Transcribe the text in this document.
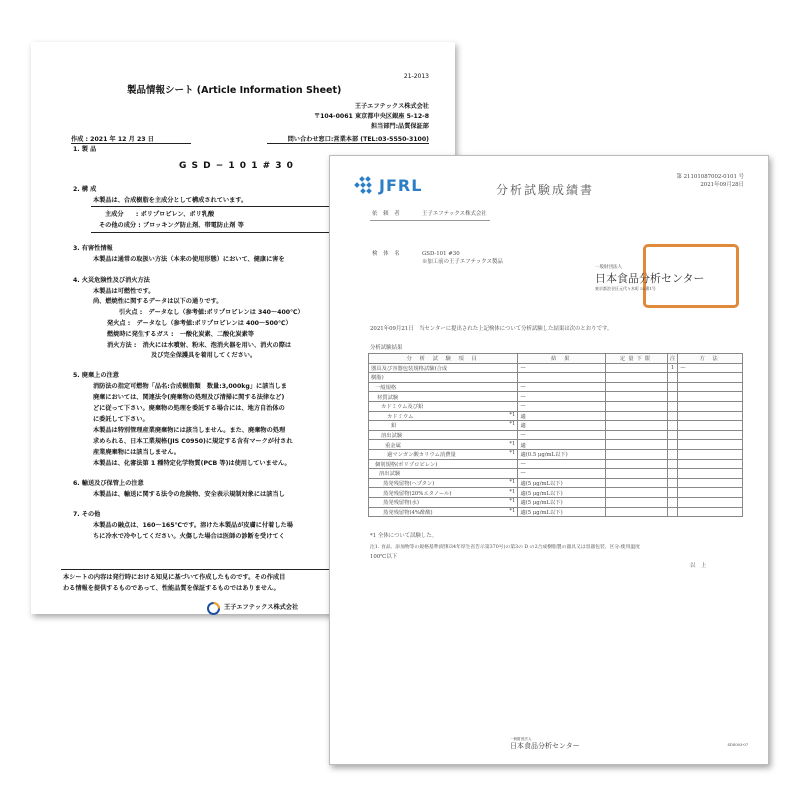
21-2013
製品情報シート (Article Information Sheet)
王子エフテックス株式会社
〒104-0061 東京都中央区銀座 5-12-8
担当部門:品質保証部
作成 : 2021 年 12 月 23 日	問い合わせ窓口:営業本部 (TEL:03-5550-3100)
1. 製 品
G S D − 1 0 1 # 3 0
2. 構 成
本製品は、合成樹脂を主成分として構成されています。
主成分　　: ポリプロピレン、ポリ乳酸
その他の成分 : ブロッキング防止剤、帯電防止剤 等
3. 有害性情報
本製品は通常の取扱い方法（本来の使用形態）において、健康に害を
4. 火災危険性及び消火方法
本製品は可燃性です。
尚、燃焼性に関するデータは以下の通りです。
引火点 :　データなし（参考値:ポリプロピレンは 340〜400℃）
発火点 :　データなし（参考値:ポリプロピレンは 400〜500℃）
燃焼時に発生するガス :　一酸化炭素、二酸化炭素等
消火方法 :　消火には水噴射、粉末、泡消火器を用い、消火の際は
及び完全保護具を着用してください。
5. 廃棄上の注意
消防法の指定可燃物「品名:合成樹脂類　数量:3,000kg」に該当しま
廃棄においては、関連法令(廃棄物の処理及び清掃に関する法律など)
どに従って下さい。廃棄物の処理を委託する場合には、地方自治体の
に委託して下さい。
本製品は特別管理産業廃棄物には該当しません。また、廃棄物の処理
求められる、日本工業規格(JIS C0950)に規定する含有マークが付され
産業廃棄物には該当しません。
本製品は、化審法第 1 種特定化学物質(PCB 等)は使用していません。
6. 輸送及び保管上の注意
本製品は、輸送に関する法令の危険物、安全表示規制対象には該当し
7. その他
本製品の融点は、160〜165℃です。溶けた本製品が皮膚に付着した場
ちに冷水で冷やしてください。火傷した場合は医師の診断を受けてく
本シートの内容は発行時における知見に基づいて作成したものです。その作成目
わる情報を提供するものであって、性能品質を保証するものではありません。
王子エフテックス株式会社
JFRL	分析試験成績書
第 21101087002-0101 号
2021年09月28日
依 頼 者	王子エフテックス株式会社
検 体 名	GSD-101 #30
※加工前の王子エフテックス製品
一般財団法人
日本食品分析センター
東京都渋谷区元代々木町 52番1号
2021年09月21日　当センターに提出された上記検体について分析試験した結果は次のとおりです。
分析試験結果
分 析 試 験 項 目	結 果	定量下限	注	方 法
器具及び容器包装規格試験(合成	—		1	—
樹脂)				
一般規格	—			
材質試験	—			
カドミウム及び鉛	—			
カドミウム *1	適			
鉛 *1	適			
溶出試験	—			
重金属 *1	適			
過マンガン酸カリウム消費量 *1	適(0.5 μg/mL以下)			
個別規格(ポリプロピレン)	—			
溶出試験	—			
蒸発残留物(ヘプタン) *1	適(5 μg/mL以下)			
蒸発残留物(20%エタノール) *1	適(5 μg/mL以下)			
蒸発残留物(水) *1	適(5 μg/mL以下)			
蒸発残留物(4%酢酸) *1	適(5 μg/mL以下)			
*1 全体について試験した。
注1. 食品、添加物等の規格基準(昭和34年厚生省告示第370号)の第3の D の2合成樹脂製の器具又は容器包装、区分:使用温度
100℃以下
以　上
一般財団法人
日本食品分析センター	SDS003-07
